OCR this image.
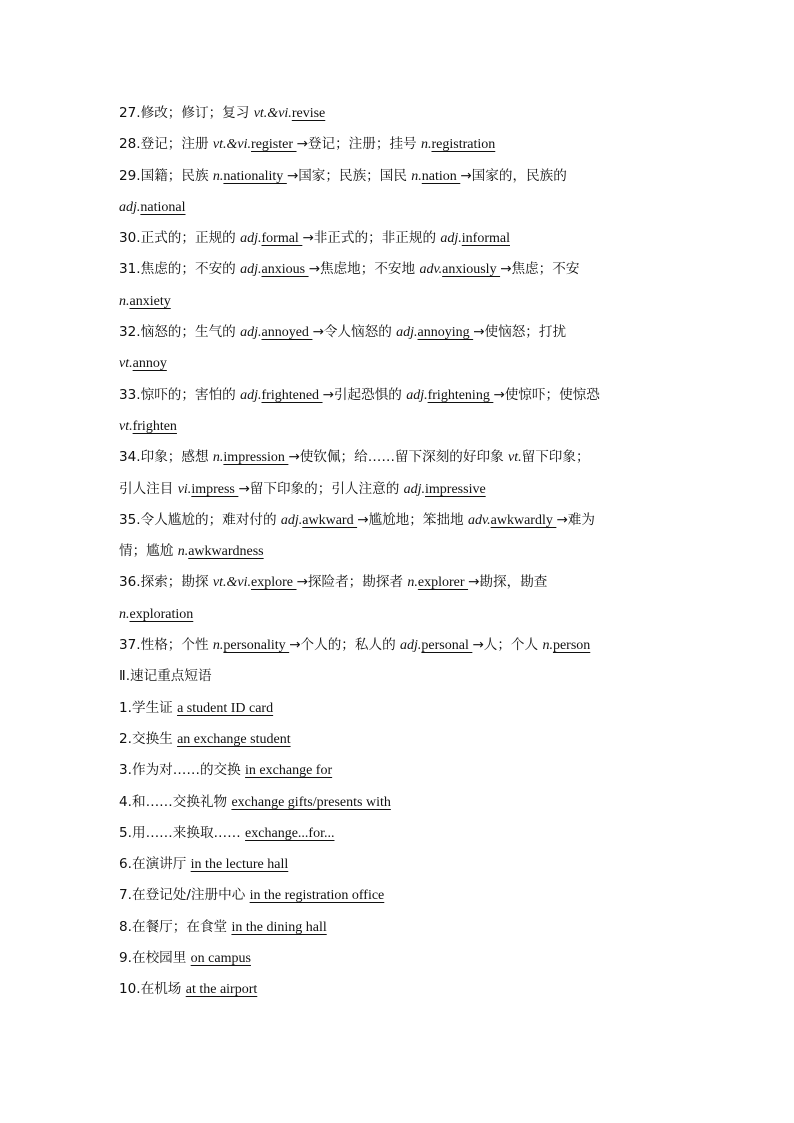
27.修改；修订；复习 vt.&vi.revise
28.登记；注册 vt.&vi.register →登记；注册；挂号 n.registration
29.国籍；民族 n.nationality →国家；民族；国民 n.nation →国家的，民族的
adj.national
30.正式的；正规的 adj.formal →非正式的；非正规的 adj.informal
31.焦虑的；不安的 adj.anxious →焦虑地；不安地 adv.anxiously →焦虑；不安
n.anxiety
32.恼怒的；生气的 adj.annoyed →令人恼怒的 adj.annoying →使恼怒；打扰
vt.annoy
33.惊吓的；害怕的 adj.frightened →引起恐惧的 adj.frightening →使惊吓；使惊恐
vt.frighten
34.印象；感想 n.impression →使钦佩；给……留下深刻的好印象 vt.留下印象；
引人注目 vi.impress →留下印象的；引人注意的 adj.impressive
35.令人尴尬的；难对付的 adj.awkward →尴尬地；笨拙地 adv.awkwardly →难为
情；尴尬 n.awkwardness
36.探索；勘探 vt.&vi.explore →探险者；勘探者 n.explorer →勘探，勘查
n.exploration
37.性格；个性 n.personality →个人的；私人的 adj.personal →人；个人 n.person
Ⅱ.速记重点短语
1.学生证 a student ID card
2.交换生 an exchange student
3.作为对……的交换 in exchange for
4.和……交换礼物 exchange gifts/presents with
5.用……来换取…… exchange...for...
6.在演讲厅 in the lecture hall
7.在登记处/注册中心 in the registration office
8.在餐厅；在食堂 in the dining hall
9.在校园里 on campus
10.在机场 at the airport
